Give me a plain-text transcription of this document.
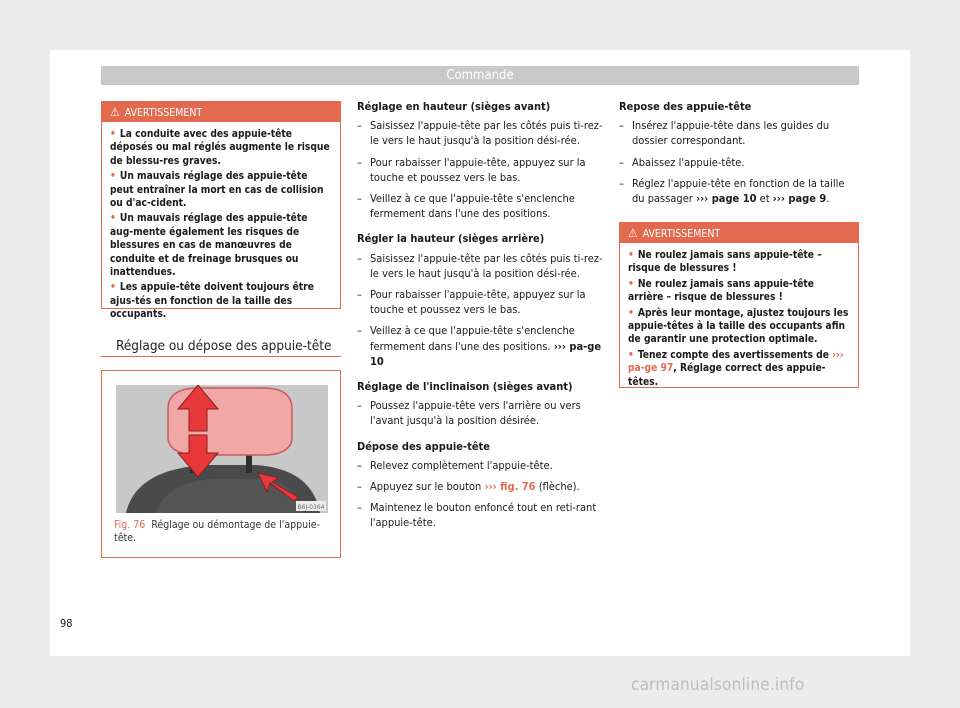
Commande
⚠ AVERTISSEMENT
• La conduite avec des appuie-tête déposés ou mal réglés augmente le risque de blessu-res graves.
• Un mauvais réglage des appuie-tête peut entraîner la mort en cas de collision ou d'ac-cident.
• Un mauvais réglage des appuie-tête aug-mente également les risques de blessures en cas de manœuvres de conduite et de freinage brusques ou inattendues.
• Les appuie-tête doivent toujours être ajus-tés en fonction de la taille des occupants.
Réglage ou dépose des appuie-tête
B6J-0364
Fig. 76 Réglage ou démontage de l'appuie-tête.
Réglage en hauteur (sièges avant)
– Saisissez l'appuie-tête par les côtés puis ti-rez-le vers le haut jusqu'à la position dési-rée.
– Pour rabaisser l'appuie-tête, appuyez sur la touche et poussez vers le bas.
– Veillez à ce que l'appuie-tête s'enclenche fermement dans l'une des positions.
Régler la hauteur (sièges arrière)
– Saisissez l'appuie-tête par les côtés puis ti-rez-le vers le haut jusqu'à la position dési-rée.
– Pour rabaisser l'appuie-tête, appuyez sur la touche et poussez vers le bas.
– Veillez à ce que l'appuie-tête s'enclenche fermement dans l'une des positions. ››› pa-ge 10
Réglage de l'inclinaison (sièges avant)
– Poussez l'appuie-tête vers l'arrière ou vers l'avant jusqu'à la position désirée.
Dépose des appuie-tête
– Relevez complètement l'appuie-tête.
– Appuyez sur le bouton ››› fig. 76 (flèche).
– Maintenez le bouton enfoncé tout en reti-rant l'appuie-tête.
Repose des appuie-tête
– Insérez l'appuie-tête dans les guides du dossier correspondant.
– Abaissez l'appuie-tête.
– Réglez l'appuie-tête en fonction de la taille du passager ››› page 10 et ››› page 9.
⚠ AVERTISSEMENT
• Ne roulez jamais sans appuie-tête – risque de blessures !
• Ne roulez jamais sans appuie-tête arrière – risque de blessures !
• Après leur montage, ajustez toujours les appuie-têtes à la taille des occupants afin de garantir une protection optimale.
• Tenez compte des avertissements de ››› pa-ge 97, Réglage correct des appuie-têtes.
98
carmanualsonline.info
